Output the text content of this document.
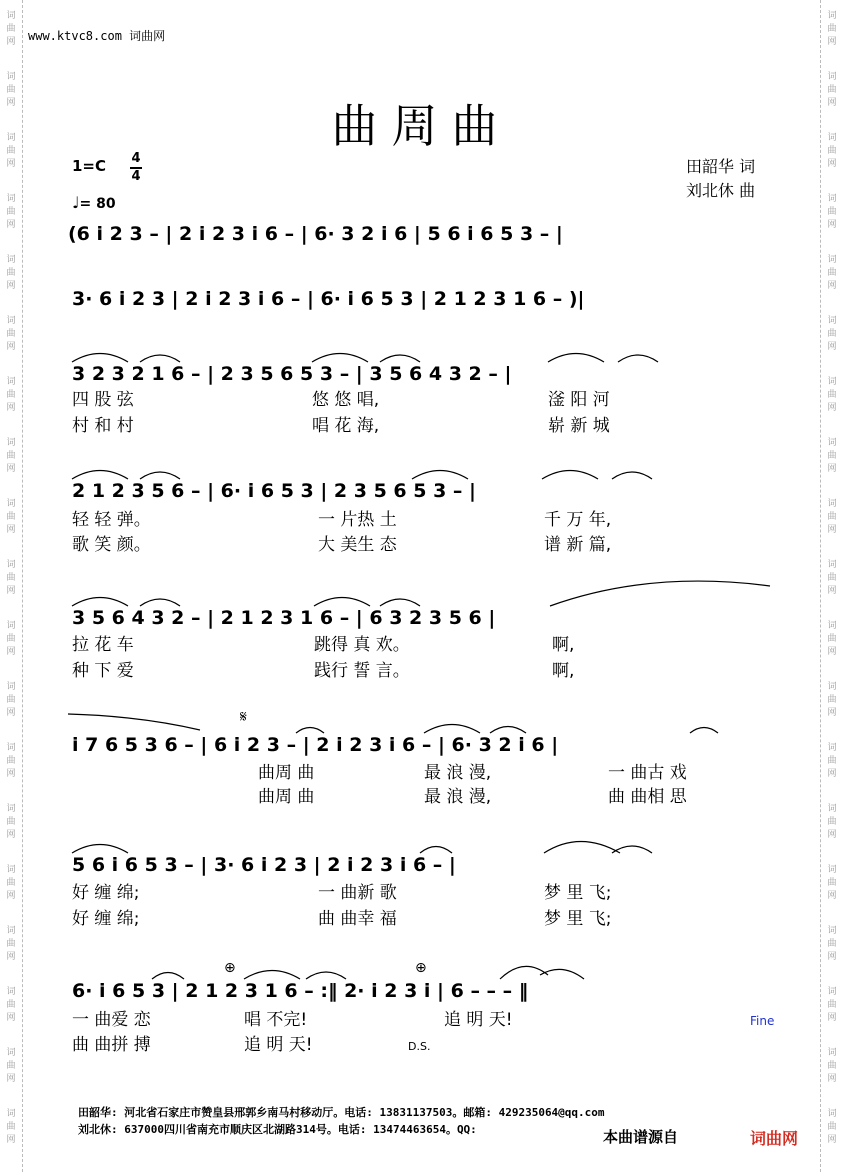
词
曲
网
词
曲
网
词
曲
网
词
曲
网
词
曲
网
词
曲
网
词
曲
网
词
曲
网
词
曲
网
词
曲
网
词
曲
网
词
曲
网
词
曲
网
词
曲
网
词
曲
网
词
曲
网
词
曲
网
词
曲
网
词
曲
网
词
曲
网
词
曲
网
词
曲
网
词
曲
网
词
曲
网
词
曲
网
词
曲
网
词
曲
网
词
曲
网
词
曲
网
词
曲
网
词
曲
网
词
曲
网
词
曲
网
词
曲
网
词
曲
网
词
曲
网
词
曲
网
词
曲
网
www.ktvc8.com 词曲网
曲周曲
1=C 4
4
♩= 80
田韶华 词
刘北休 曲
(6 i 2 3 – | 2 i 2 3 i 6 – | 6· 3 2 i 6 | 5 6 i 6 5 3 – |
3· 6 i 2 3 | 2 i 2 3 i 6 – | 6· i 6 5 3 | 2 1 2 3 1 6 – )|
3 2 3 2 1 6 – | 2 3 5 6 5 3 – | 3 5 6 4 3 2 – |
2 1 2 3 5 6 – | 6· i 6 5 3 | 2 3 5 6 5 3 – |
3 5 6 4 3 2 – | 2 1 2 3 1 6 – | 6 3 2 3 5 6 |
i 7 6 5 3 6 – | 6 i 2 3 – | 2 i 2 3 i 6 – | 6· 3 2 i 6 |
5 6 i 6 5 3 – | 3· 6 i 2 3 | 2 i 2 3 i 6 – |
6· i 6 5 3 | 2 1 2 3 1 6 – :‖ 2· i 2 3 i | 6 – – – ‖
𝄋
⊕	⊕
四 股 弦	悠 悠 唱,	滏 阳 河
村 和 村	唱 花 海,	崭 新 城
轻 轻 弹。	一 片热 土	千 万 年,
歌 笑 颜。	大 美生 态	谱 新 篇,
拉 花 车	跳得 真 欢。	啊,
种 下 爱	践行 誓 言。	啊,
曲周 曲	最 浪 漫,	一 曲古 戏
曲周 曲	最 浪 漫,	曲 曲相 思
好 缠 绵;	一 曲新 歌	梦 里 飞;
好 缠 绵;	曲 曲幸 福	梦 里 飞;
一 曲爱 恋	唱 不完!	追 明 天!
曲 曲拼 搏	追 明 天!	D.S.
Fine
田韶华: 河北省石家庄市赞皇县邢郭乡南马村移动厅。电话: 13831137503。邮箱: 429235064@qq.com
刘北休: 637000四川省南充市顺庆区北湖路314号。电话: 13474463654。QQ:	本曲谱源自	词曲网
